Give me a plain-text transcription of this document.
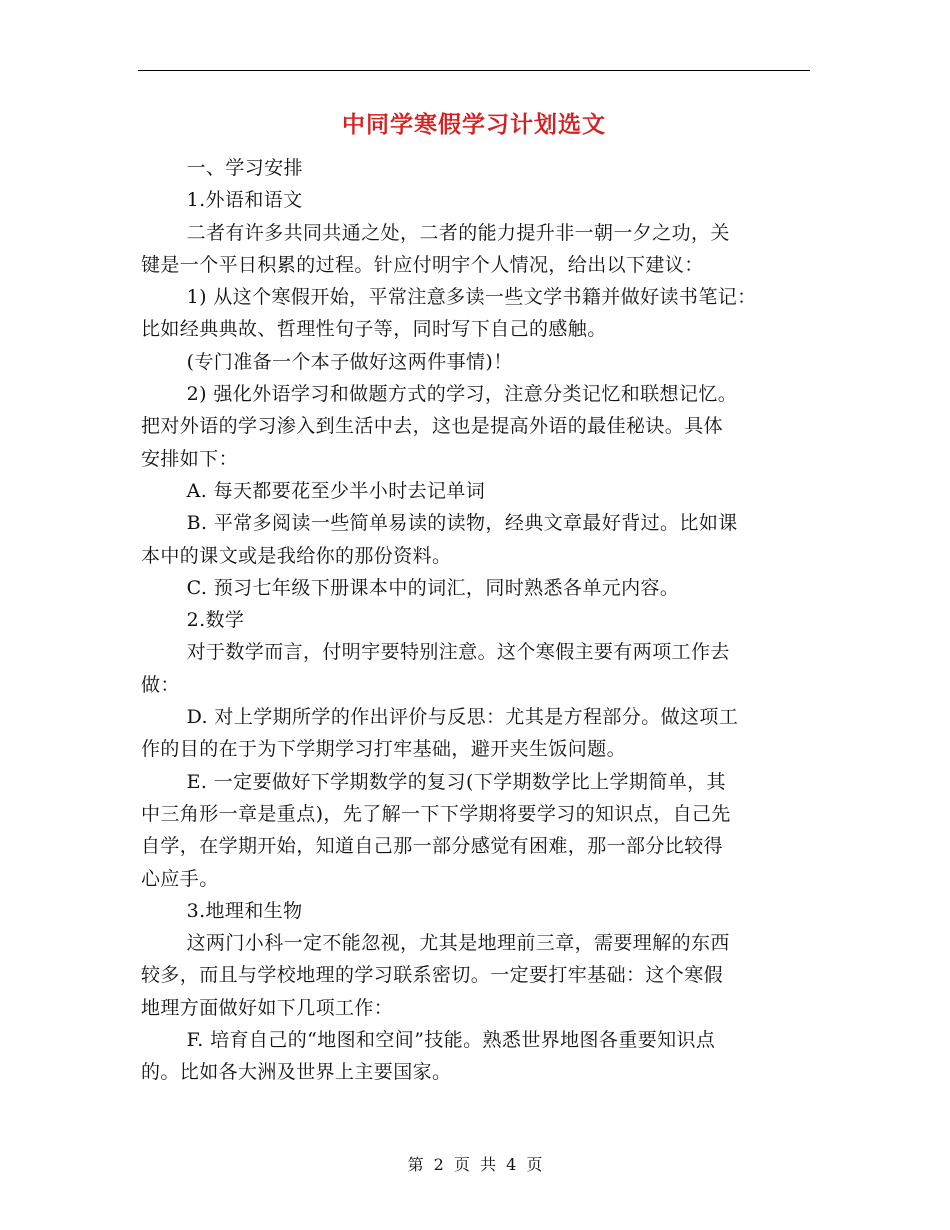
中同学寒假学习计划选文

一、学习安排

1.外语和语文

二者有许多共同共通之处，二者的能力提升非一朝一夕之功，关

键是一个平日积累的过程。针应付明宇个人情况，给出以下建议：

1) 从这个寒假开始，平常注意多读一些文学书籍并做好读书笔记：

比如经典典故、哲理性句子等，同时写下自己的感触。

(专门准备一个本子做好这两件事情)！

2) 强化外语学习和做题方式的学习，注意分类记忆和联想记忆。

把对外语的学习渗入到生活中去，这也是提高外语的最佳秘诀。具体

安排如下：

A. 每天都要花至少半小时去记单词

B. 平常多阅读一些简单易读的读物，经典文章最好背过。比如课

本中的课文或是我给你的那份资料。

C. 预习七年级下册课本中的词汇，同时熟悉各单元内容。

2.数学

对于数学而言，付明宇要特别注意。这个寒假主要有两项工作去

做：

D. 对上学期所学的作出评价与反思：尤其是方程部分。做这项工

作的目的在于为下学期学习打牢基础，避开夹生饭问题。

E. 一定要做好下学期数学的复习(下学期数学比上学期简单，其

中三角形一章是重点)，先了解一下下学期将要学习的知识点，自己先

自学，在学期开始，知道自己那一部分感觉有困难，那一部分比较得

心应手。

3.地理和生物

这两门小科一定不能忽视，尤其是地理前三章，需要理解的东西

较多，而且与学校地理的学习联系密切。一定要打牢基础：这个寒假

地理方面做好如下几项工作：

F. 培育自己的“地图和空间”技能。熟悉世界地图各重要知识点

的。比如各大洲及世界上主要国家。

第 2 页 共 4 页
